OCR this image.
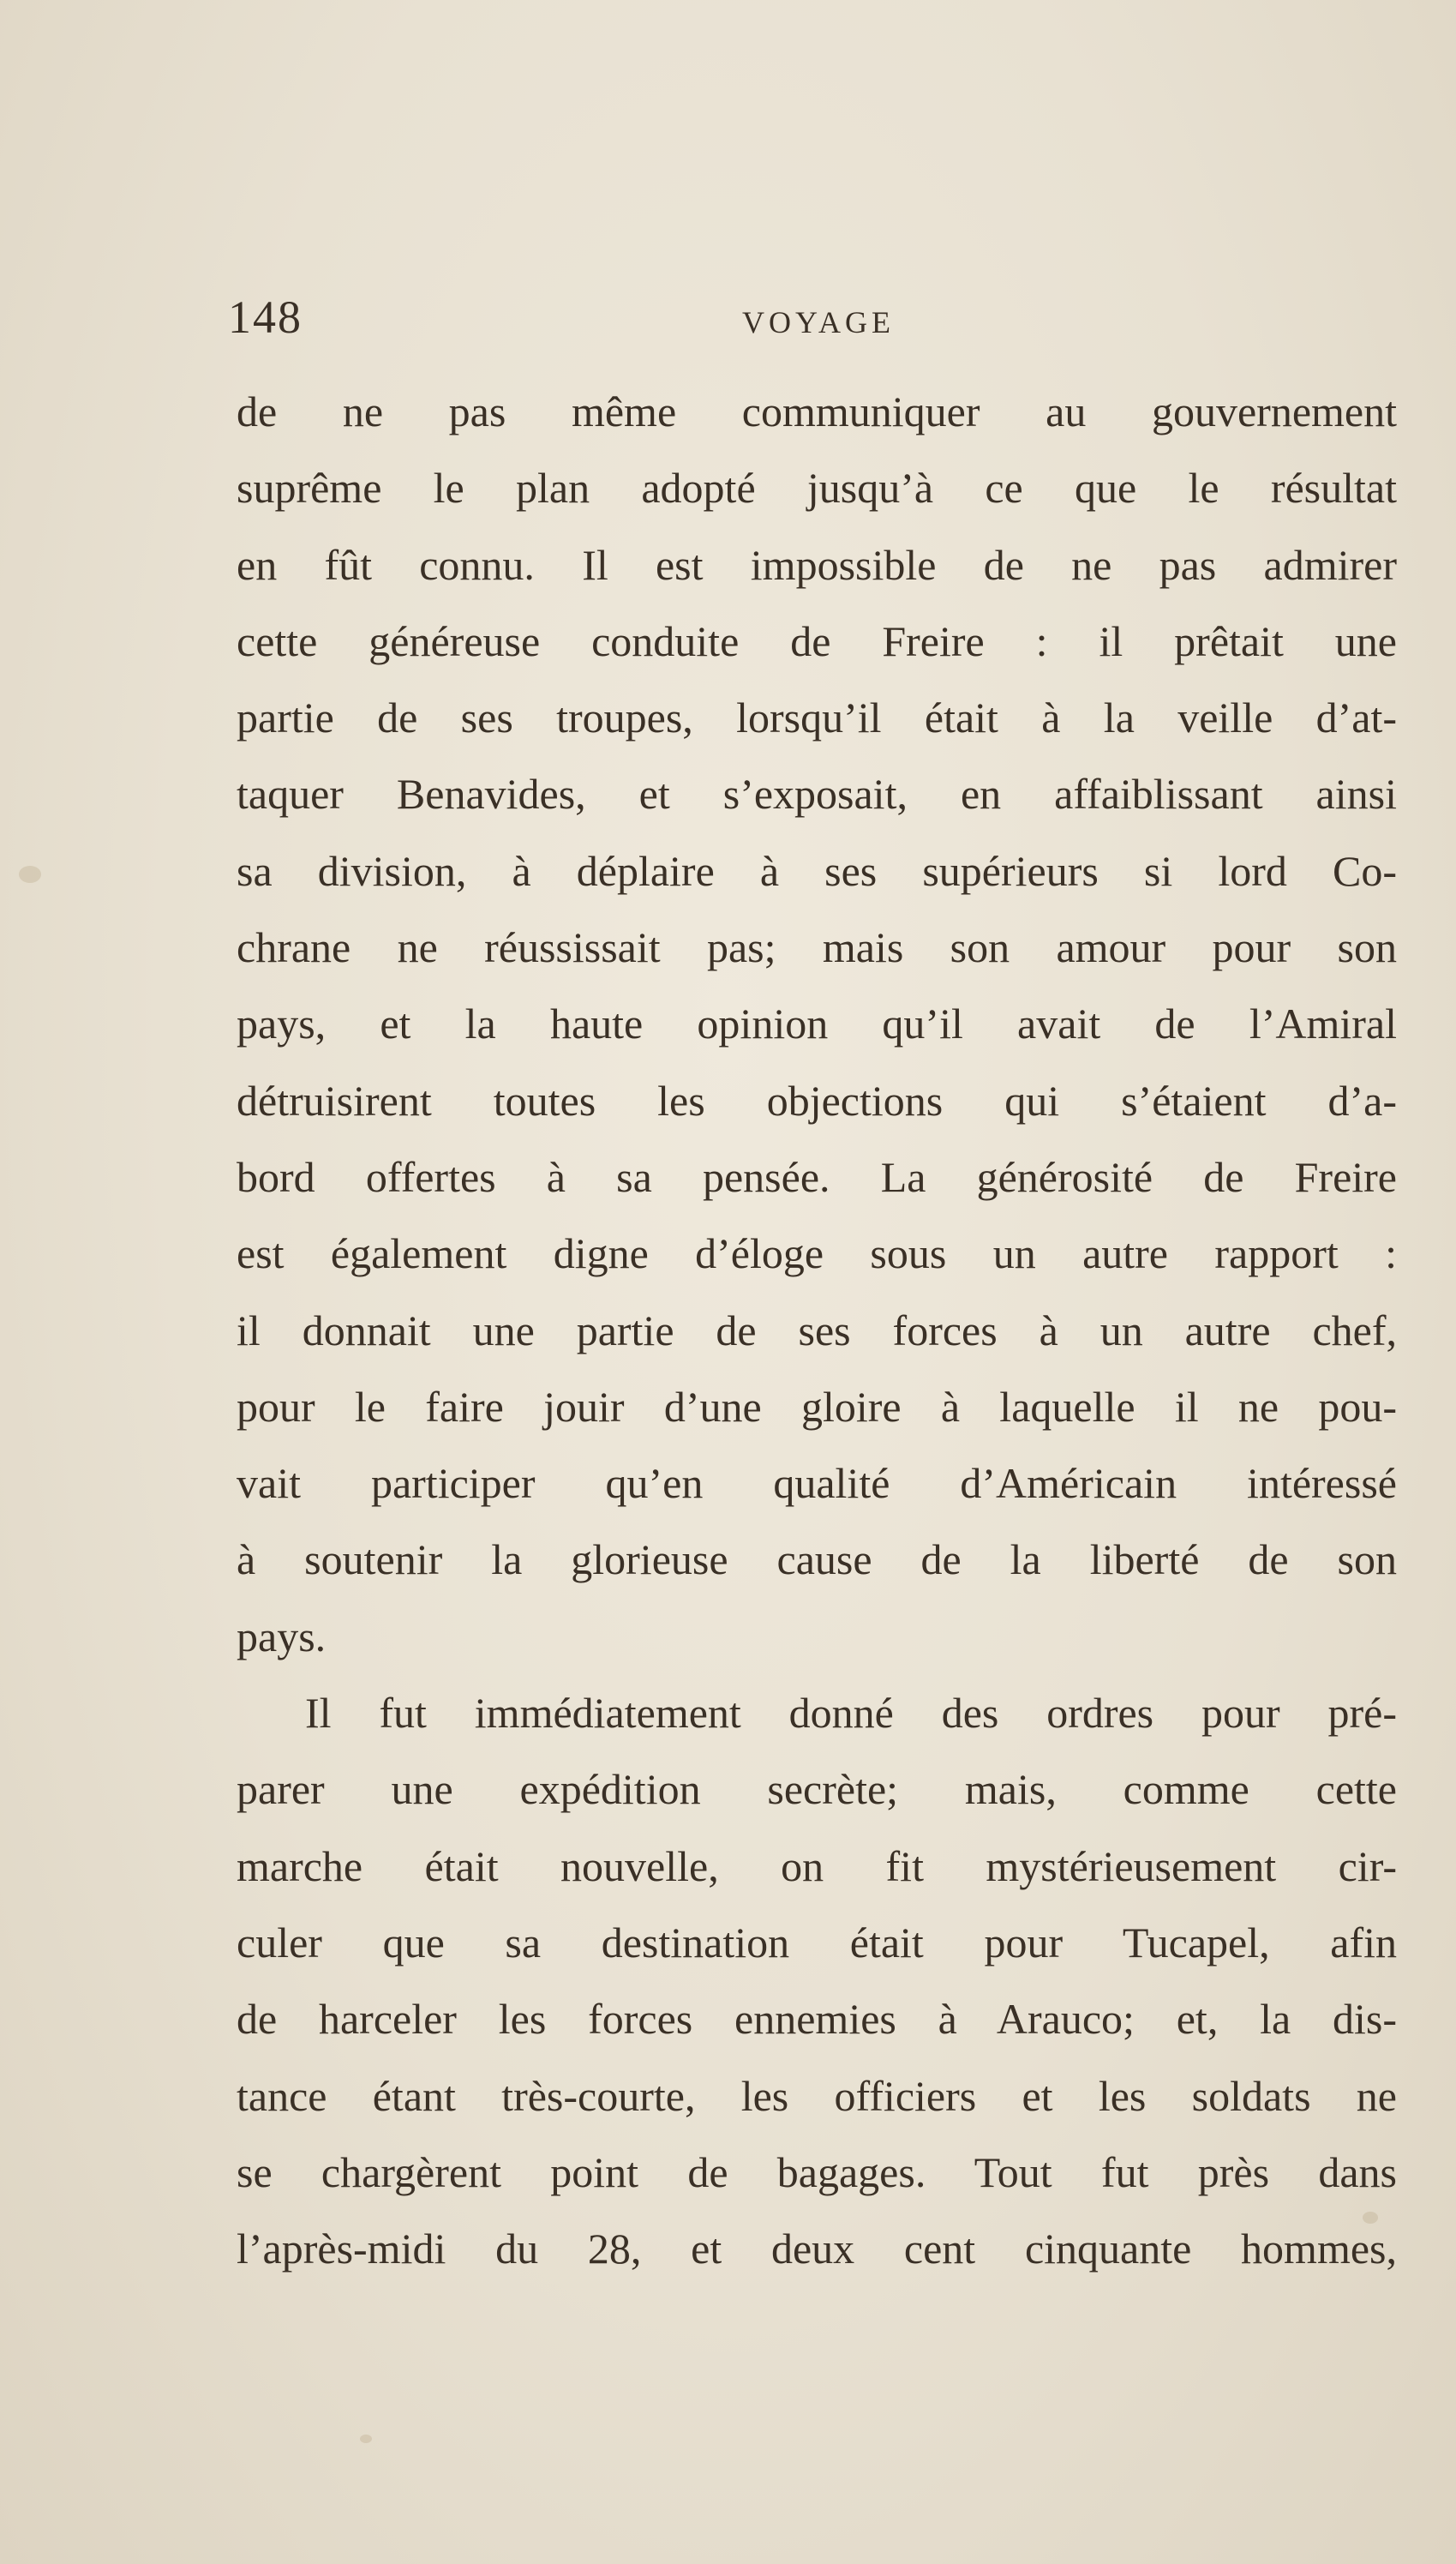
148	VOYAGE
de ne pas même communiquer au gouvernement
suprême le plan adopté jusqu’à ce que le résultat
en fût connu. Il est impossible de ne pas admirer
cette généreuse conduite de Freire : il prêtait une
partie de ses troupes, lorsqu’il était à la veille d’at-
taquer Benavides, et s’exposait, en affaiblissant ainsi
sa division, à déplaire à ses supérieurs si lord Co-
chrane ne réussissait pas; mais son amour pour son
pays, et la haute opinion qu’il avait de l’Amiral
détruisirent toutes les objections qui s’étaient d’a-
bord offertes à sa pensée. La générosité de Freire
est également digne d’éloge sous un autre rapport :
il donnait une partie de ses forces à un autre chef,
pour le faire jouir d’une gloire à laquelle il ne pou-
vait participer qu’en qualité d’Américain intéressé
à soutenir la glorieuse cause de la liberté de son
pays.
Il fut immédiatement donné des ordres pour pré-
parer une expédition secrète; mais, comme cette
marche était nouvelle, on fit mystérieusement cir-
culer que sa destination était pour Tucapel, afin
de harceler les forces ennemies à Arauco; et, la dis-
tance étant très-courte, les officiers et les soldats ne
se chargèrent point de bagages. Tout fut près dans
l’après-midi du 28, et deux cent cinquante hommes,
